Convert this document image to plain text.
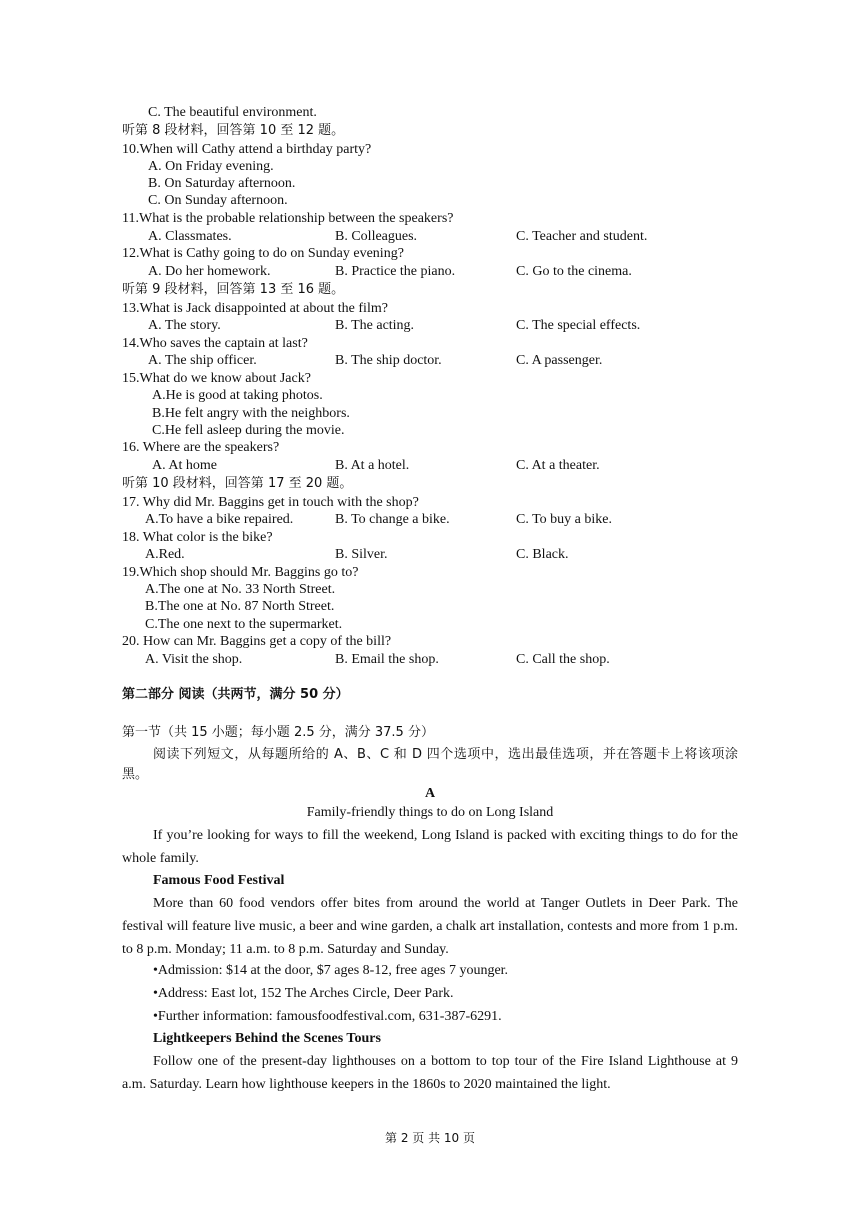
C. The beautiful environment.
听第 8 段材料，回答第 10 至 12 题。
10.When will Cathy attend a birthday party?
A. On Friday evening.
B. On Saturday afternoon.
C. On Sunday afternoon.
11.What is the probable relationship between the speakers?
A. Classmates.	B. Colleagues.	C. Teacher and student.
12.What is Cathy going to do on Sunday evening?
A. Do her homework.	B. Practice the piano.	C. Go to the cinema.
听第 9 段材料，回答第 13 至 16 题。
13.What is Jack disappointed at about the film?
A. The story.	B. The acting.	C. The special effects.
14.Who saves the captain at last?
A. The ship officer.	B. The ship doctor.	C. A passenger.
15.What do we know about Jack?
A.He is good at taking photos.
B.He felt angry with the neighbors.
C.He fell asleep during the movie.
16. Where are the speakers?
A. At home	B. At a hotel.	C. At a theater.
听第 10 段材料，回答第 17 至 20 题。
17. Why did Mr. Baggins get in touch with the shop?
A.To have a bike repaired.	B. To change a bike.	C. To buy a bike.
18. What color is the bike?
A.Red.	B. Silver.	C. Black.
19.Which shop should Mr. Baggins go to?
A.The one at No. 33 North Street.
B.The one at No. 87 North Street.
C.The one next to the supermarket.
20. How can Mr. Baggins get a copy of the bill?
A. Visit the shop.	B. Email the shop.	C. Call the shop.
第二部分 阅读（共两节，满分 50 分）
第一节（共 15 小题；每小题 2.5 分，满分 37.5 分）
阅读下列短文，从每题所给的 A、B、C 和 D 四个选项中，选出最佳选项，并在答题卡上将该项涂黑。
A
Family-friendly things to do on Long Island
If you’re looking for ways to fill the weekend, Long Island is packed with exciting things to do for the whole family.
Famous Food Festival
More than 60 food vendors offer bites from around the world at Tanger Outlets in Deer Park. The festival will feature live music, a beer and wine garden, a chalk art installation, contests and more from 1 p.m. to 8 p.m. Monday; 11 a.m. to 8 p.m. Saturday and Sunday.
•Admission: $14 at the door, $7 ages 8-12, free ages 7 younger.
•Address: East lot, 152 The Arches Circle, Deer Park.
•Further information: famousfoodfestival.com, 631-387-6291.
Lightkeepers Behind the Scenes Tours
Follow one of the present-day lighthouses on a bottom to top tour of the Fire Island Lighthouse at 9 a.m. Saturday. Learn how lighthouse keepers in the 1860s to 2020 maintained the light.
第 2 页 共 10 页
